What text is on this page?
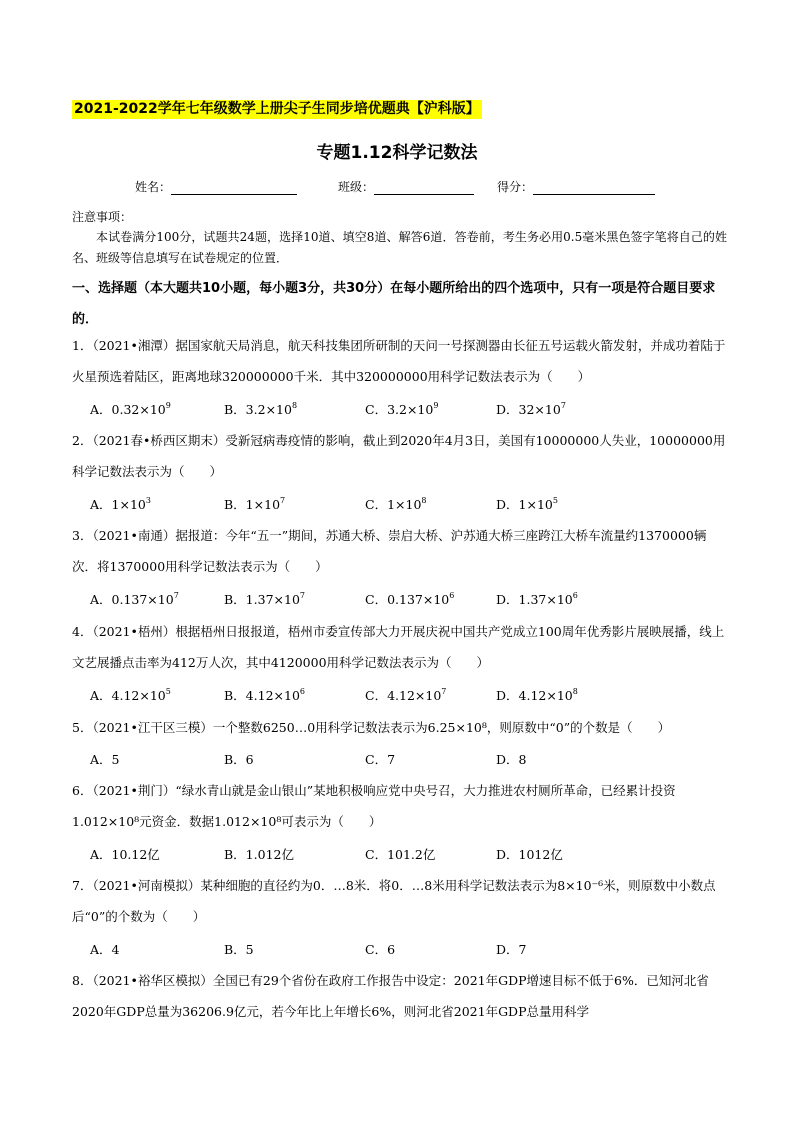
2021-2022学年七年级数学上册尖子生同步培优题典【沪科版】
专题1.12科学记数法
姓名：	班级：	得分：
注意事项：
本试卷满分100分，试题共24题，选择10道、填空8道、解答6道．答卷前，考生务必用0.5毫米黑色签字笔将自己的姓名、班级等信息填写在试卷规定的位置．
一、选择题（本大题共10小题，每小题3分，共30分）在每小题所给出的四个选项中，只有一项是符合题目要求的．

1．（2021•湘潭）据国家航天局消息，航天科技集团所研制的天问一号探测器由长征五号运载火箭发射，并成功着陆于火星预选着陆区，距离地球320000000千米．其中320000000用科学记数法表示为（　　）

A．$0.32\times 10^9$	B．$3.2\times 10^8$	C．$3.2\times 10^9$	D．$32\times 10^7$

2．（2021春•桥西区期末）受新冠病毒疫情的影响，截止到2020年4月3日，美国有10000000人失业，10000000用科学记数法表示为（　　）

A．$1\times 10^3$	B．$1\times 10^7$	C．$1\times 10^8$	D．$1\times 10^5$

3．（2021•南通）据报道：今年“五一”期间，苏通大桥、崇启大桥、沪苏通大桥三座跨江大桥车流量约1370000辆次．将1370000用科学记数法表示为（　　）

A．$0.137\times 10^7$	B．$1.37\times 10^7$	C．$0.137\times 10^6$	D．$1.37\times 10^6$

4．（2021•梧州）根据梧州日报报道，梧州市委宣传部大力开展庆祝中国共产党成立100周年优秀影片展映展播，线上文艺展播点击率为412万人次，其中4120000用科学记数法表示为（　　）

A．$4.12\times 10^5$	B．$4.12\times 10^6$	C．$4.12\times 10^7$	D．$4.12\times 10^8$

5．（2021•江干区三模）一个整数6250…0用科学记数法表示为6.25×10⁸，则原数中“0”的个数是（　　）

A．5	B．6	C．7	D．8

6．（2021•荆门）“绿水青山就是金山银山”某地积极响应党中央号召，大力推进农村厕所革命，已经累计投资1.012×10⁸元资金．数据1.012×10⁸可表示为（　　）

A．10.12亿	B．1.012亿	C．101.2亿	D．1012亿

7．（2021•河南模拟）某种细胞的直径约为0．…8米．将0．…8米用科学记数法表示为8×10⁻⁶米，则原数中小数点后“0”的个数为（　　）

A．4	B．5	C．6	D．7

8．（2021•裕华区模拟）全国已有29个省份在政府工作报告中设定：2021年GDP增速目标不低于6%．已知河北省2020年GDP总量为36206.9亿元，若今年比上年增长6%，则河北省2021年GDP总量用科学
